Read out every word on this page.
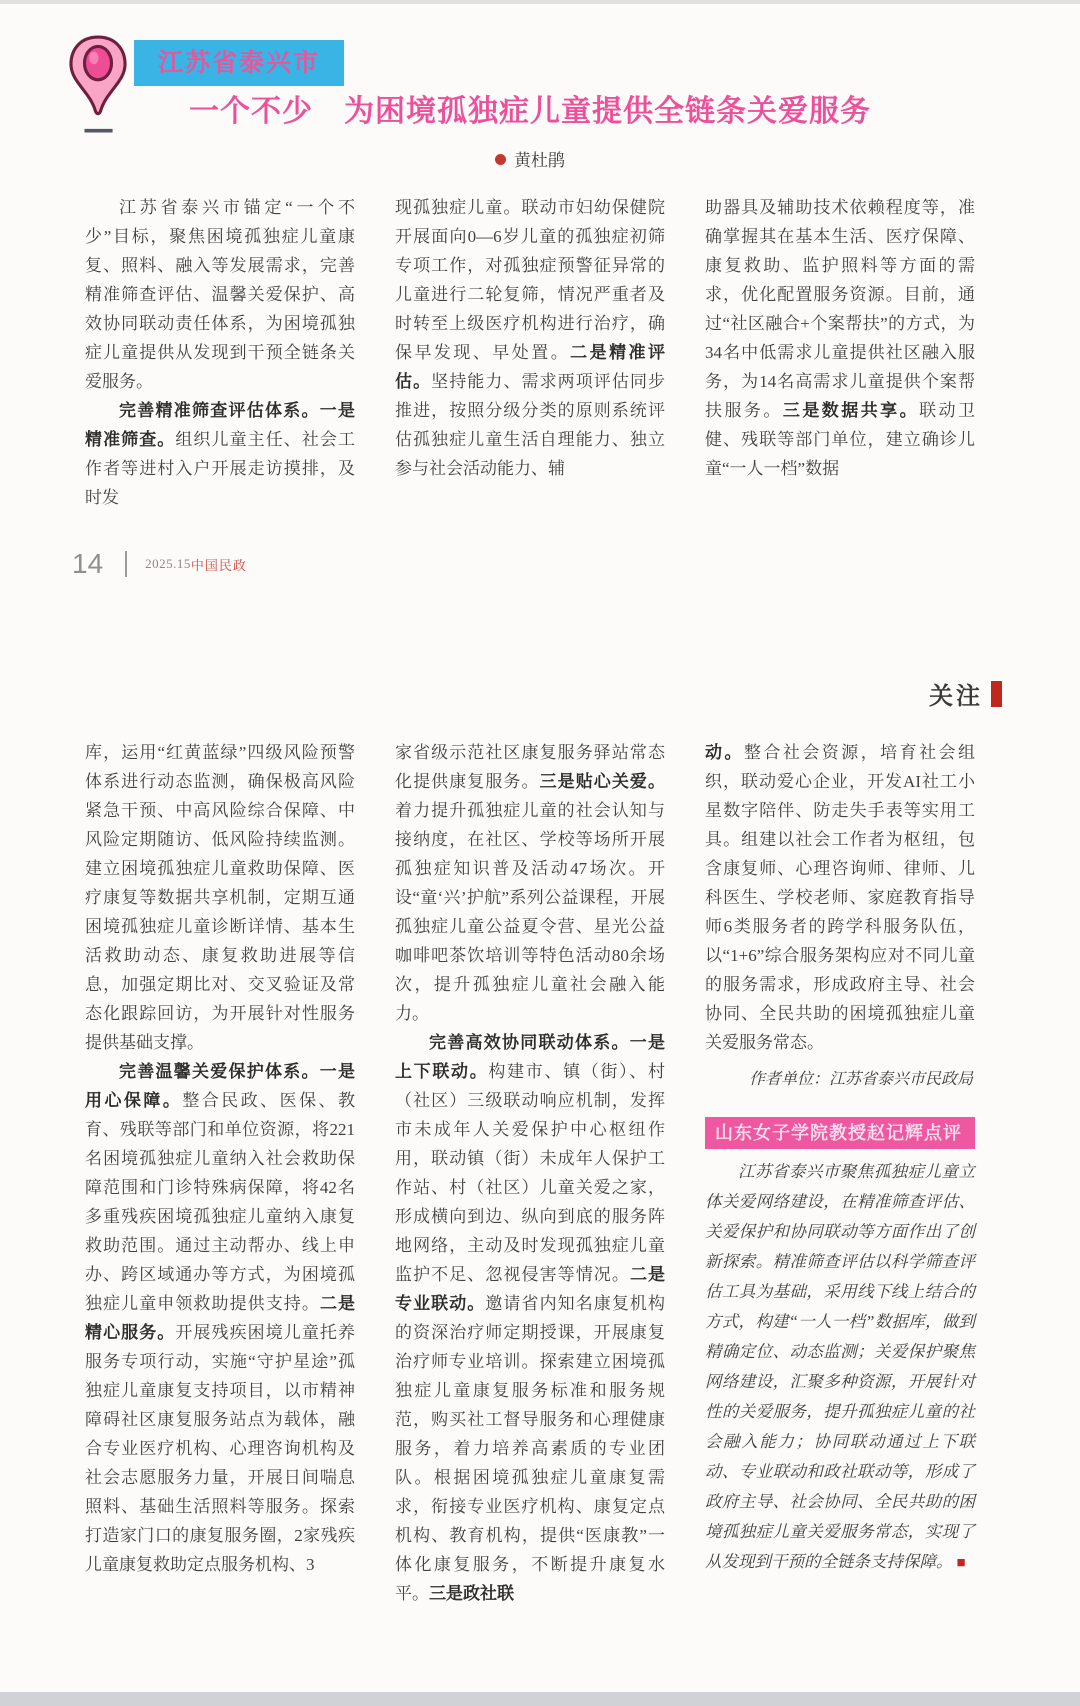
江苏省泰兴市
一个不少　为困境孤独症儿童提供全链条关爱服务
黄杜鹃

江苏省泰兴市锚定“一个不少”目标，聚焦困境孤独症儿童康复、照料、融入等发展需求，完善精准筛查评估、温馨关爱保护、高效协同联动责任体系，为困境孤独症儿童提供从发现到干预全链条关爱服务。

完善精准筛查评估体系。一是精准筛查。组织儿童主任、社会工作者等进村入户开展走访摸排，及时发

现孤独症儿童。联动市妇幼保健院开展面向0—6岁儿童的孤独症初筛专项工作，对孤独症预警征异常的儿童进行二轮复筛，情况严重者及时转至上级医疗机构进行治疗，确保早发现、早处置。二是精准评估。坚持能力、需求两项评估同步推进，按照分级分类的原则系统评估孤独症儿童生活自理能力、独立参与社会活动能力、辅

助器具及辅助技术依赖程度等，准确掌握其在基本生活、医疗保障、康复救助、监护照料等方面的需求，优化配置服务资源。目前，通过“社区融合+个案帮扶”的方式，为34名中低需求儿童提供社区融入服务，为14名高需求儿童提供个案帮扶服务。三是数据共享。联动卫健、残联等部门单位，建立确诊儿童“一人一档”数据

14	2025.15 中国民政
关注

库，运用“红黄蓝绿”四级风险预警体系进行动态监测，确保极高风险紧急干预、中高风险综合保障、中风险定期随访、低风险持续监测。建立困境孤独症儿童救助保障、医疗康复等数据共享机制，定期互通困境孤独症儿童诊断详情、基本生活救助动态、康复救助进展等信息，加强定期比对、交叉验证及常态化跟踪回访，为开展针对性服务提供基础支撑。

完善温馨关爱保护体系。一是用心保障。整合民政、医保、教育、残联等部门和单位资源，将221名困境孤独症儿童纳入社会救助保障范围和门诊特殊病保障，将42名多重残疾困境孤独症儿童纳入康复救助范围。通过主动帮办、线上申办、跨区域通办等方式，为困境孤独症儿童申领救助提供支持。二是精心服务。开展残疾困境儿童托养服务专项行动，实施“守护星途”孤独症儿童康复支持项目，以市精神障碍社区康复服务站点为载体，融合专业医疗机构、心理咨询机构及社会志愿服务力量，开展日间喘息照料、基础生活照料等服务。探索打造家门口的康复服务圈，2家残疾儿童康复救助定点服务机构、3

家省级示范社区康复服务驿站常态化提供康复服务。三是贴心关爱。着力提升孤独症儿童的社会认知与接纳度，在社区、学校等场所开展孤独症知识普及活动47场次。开设“童‘兴’护航”系列公益课程，开展孤独症儿童公益夏令营、星光公益咖啡吧茶饮培训等特色活动80余场次，提升孤独症儿童社会融入能力。

完善高效协同联动体系。一是上下联动。构建市、镇（街）、村（社区）三级联动响应机制，发挥市未成年人关爱保护中心枢纽作用，联动镇（街）未成年人保护工作站、村（社区）儿童关爱之家，形成横向到边、纵向到底的服务阵地网络，主动及时发现孤独症儿童监护不足、忽视侵害等情况。二是专业联动。邀请省内知名康复机构的资深治疗师定期授课，开展康复治疗师专业培训。探索建立困境孤独症儿童康复服务标准和服务规范，购买社工督导服务和心理健康服务，着力培养高素质的专业团队。根据困境孤独症儿童康复需求，衔接专业医疗机构、康复定点机构、教育机构，提供“医康教”一体化康复服务，不断提升康复水平。三是政社联

动。整合社会资源，培育社会组织，联动爱心企业，开发AI社工小星数字陪伴、防走失手表等实用工具。组建以社会工作者为枢纽，包含康复师、心理咨询师、律师、儿科医生、学校老师、家庭教育指导师6类服务者的跨学科服务队伍，以“1+6”综合服务架构应对不同儿童的服务需求，形成政府主导、社会协同、全民共助的困境孤独症儿童关爱服务常态。

作者单位：江苏省泰兴市民政局
山东女子学院教授赵记辉点评

江苏省泰兴市聚焦孤独症儿童立体关爱网络建设，在精准筛查评估、关爱保护和协同联动等方面作出了创新探索。精准筛查评估以科学筛查评估工具为基础，采用线下线上结合的方式，构建“一人一档”数据库，做到精确定位、动态监测；关爱保护聚焦网络建设，汇聚多种资源，开展针对性的关爱服务，提升孤独症儿童的社会融入能力；协同联动通过上下联动、专业联动和政社联动等，形成了政府主导、社会协同、全民共助的困境孤独症儿童关爱服务常态，实现了从发现到干预的全链条支持保障。 ■
